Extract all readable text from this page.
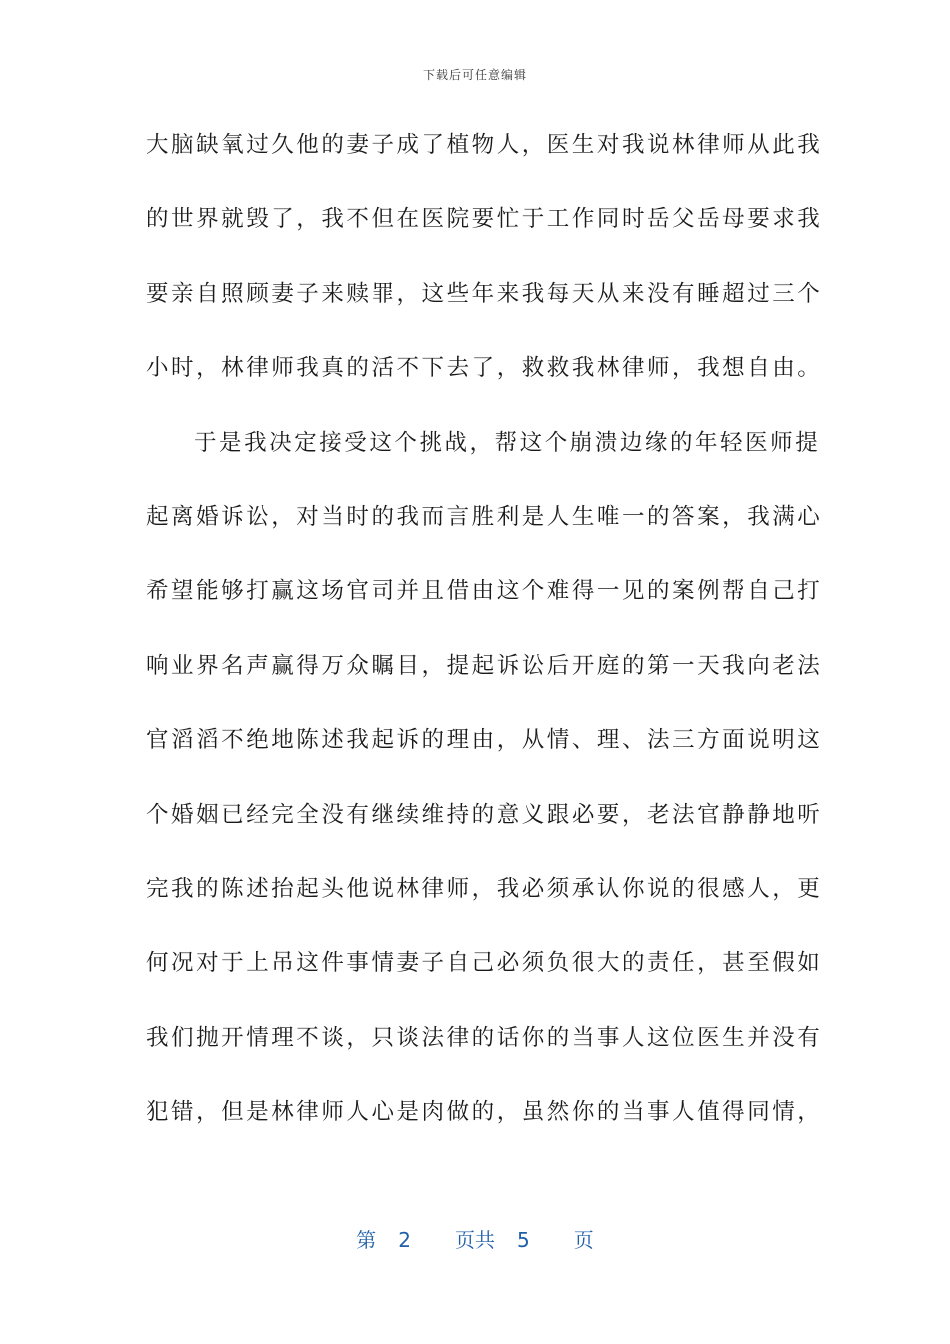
下载后可任意编辑
大脑缺氧过久他的妻子成了植物人，医生对我说林律师从此我
的世界就毁了，我不但在医院要忙于工作同时岳父岳母要求我
要亲自照顾妻子来赎罪，这些年来我每天从来没有睡超过三个
小时，林律师我真的活不下去了，救救我林律师，我想自由。
于是我决定接受这个挑战，帮这个崩溃边缘的年轻医师提
起离婚诉讼，对当时的我而言胜利是人生唯一的答案，我满心
希望能够打赢这场官司并且借由这个难得一见的案例帮自己打
响业界名声赢得万众瞩目，提起诉讼后开庭的第一天我向老法
官滔滔不绝地陈述我起诉的理由，从情、理、法三方面说明这
个婚姻已经完全没有继续维持的意义跟必要，老法官静静地听
完我的陈述抬起头他说林律师，我必须承认你说的很感人，更
何况对于上吊这件事情妻子自己必须负很大的责任，甚至假如
我们抛开情理不谈，只谈法律的话你的当事人这位医生并没有
犯错，但是林律师人心是肉做的，虽然你的当事人值得同情，
第 2 页共 5 页
